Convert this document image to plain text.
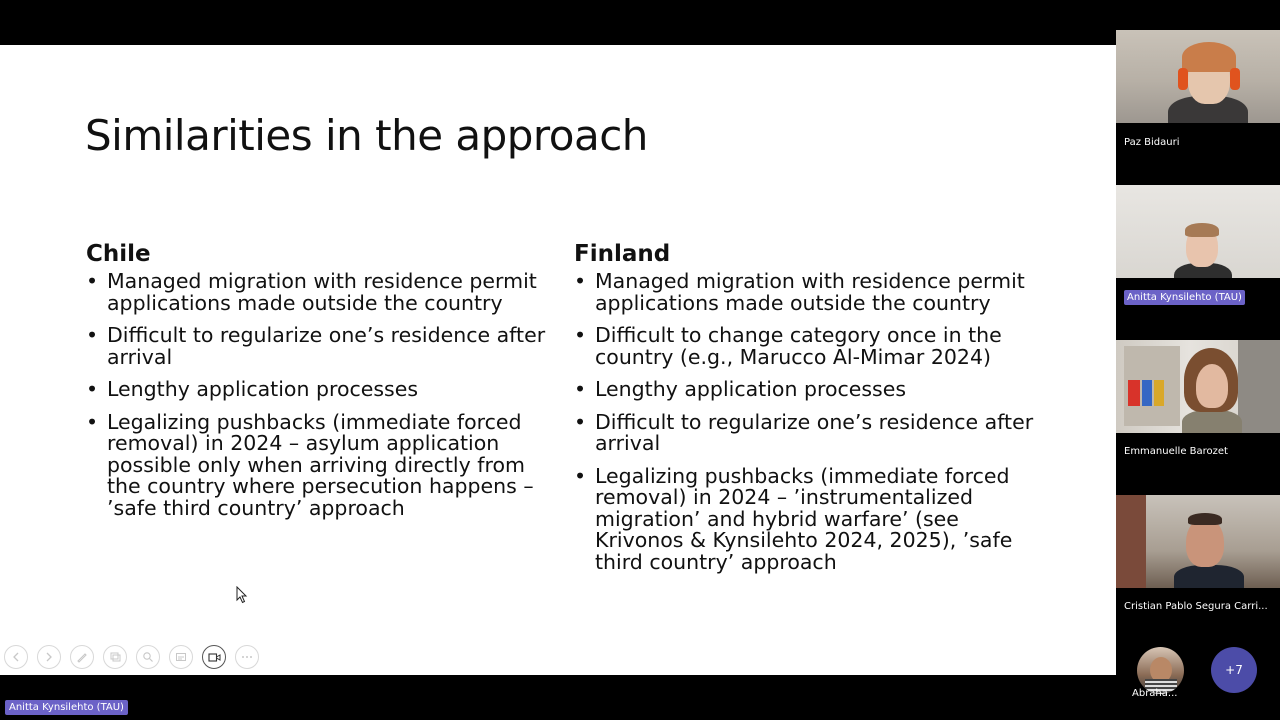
Similarities in the approach
Chile
• Managed migration with residence permit applications made outside the country
• Difficult to regularize one’s residence after arrival
• Lengthy application processes
• Legalizing pushbacks (immediate forced removal) in 2024 – asylum application possible only when arriving directly from the country where persecution happens – ’safe third country’ approach
Finland
• Managed migration with residence permit applications made outside the country
• Difficult to change category once in the country (e.g., Marucco Al-Mimar 2024)
• Lengthy application processes
• Difficult to regularize one’s residence after arrival
• Legalizing pushbacks (immediate forced removal) in 2024 – ’instrumentalized migration’ and hybrid warfare’ (see Krivonos & Kynsilehto 2024, 2025), ’safe third country’ approach
Paz Bidauri
Anitta Kynsilehto (TAU)
Emmanuelle Barozet
Cristian Pablo Segura Carri...
Abraha...
+7
Anitta Kynsilehto (TAU)
